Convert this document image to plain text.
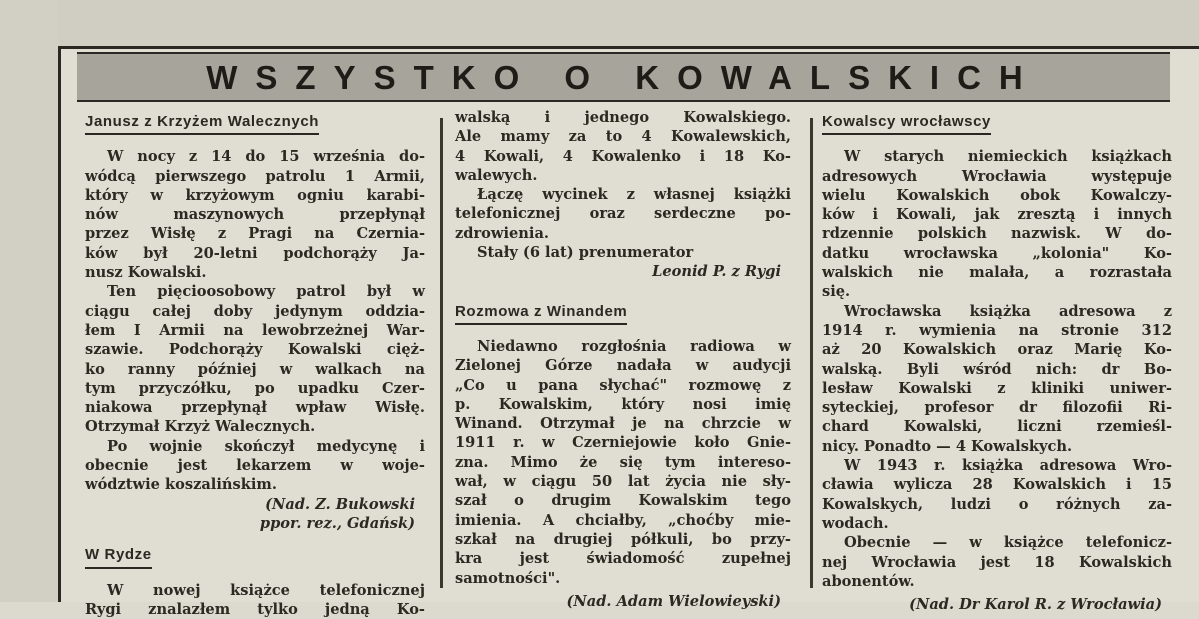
WSZYSTKO O KOWALSKICH
Janusz z Krzyżem Walecznych
W nocy z 14 do 15 września do-
wódcą pierwszego patrolu 1 Armii,
który w krzyżowym ogniu karabi-
nów maszynowych przepłynął
przez Wisłę z Pragi na Czernia-
ków był 20-letni podchorąży Ja-
nusz Kowalski.
Ten pięcioosobowy patrol był w
ciągu całej doby jedynym oddzia-
łem I Armii na lewobrzeżnej War-
szawie. Podchorąży Kowalski cięż-
ko ranny później w walkach na
tym przyczółku, po upadku Czer-
niakowa przepłynął wpław Wisłę.
Otrzymał Krzyż Walecznych.
Po wojnie skończył medycynę i
obecnie jest lekarzem w woje-
wództwie koszalińskim.
(Nad. Z. Bukowski
ppor. rez., Gdańsk)
W Rydze
W nowej książce telefonicznej
Rygi znalazłem tylko jedną Ko-
walską i jednego Kowalskiego.
Ale mamy za to 4 Kowalewskich,
4 Kowali, 4 Kowalenko i 18 Ko-
walewych.
Łączę wycinek z własnej książki
telefonicznej oraz serdeczne po-
zdrowienia.
Stały (6 lat) prenumerator
Leonid P. z Rygi
Rozmowa z Winandem
Niedawno rozgłośnia radiowa w
Zielonej Górze nadała w audycji
„Co u pana słychać" rozmowę z
p. Kowalskim, który nosi imię
Winand. Otrzymał je na chrzcie w
1911 r. w Czerniejowie koło Gnie-
zna. Mimo że się tym interesо-
wał, w ciągu 50 lat życia nie sły-
szał o drugim Kowalskim tego
imienia. A chciałby, „choćby mie-
szkał na drugiej półkuli, bo przy-
kra jest świadomość zupełnej
samotności".
(Nad. Adam Wielowieyski)
Kowalscy wrocławscy
W starych niemieckich książkach
adresowych Wrocławia występuje
wielu Kowalskich obok Kowalczy-
ków i Kowali, jak zresztą i innych
rdzennie polskich nazwisk. W do-
datku wrocławska „kolonia" Ko-
walskich nie malała, a rozrastała
się.
Wrocławska książka adresowa z
1914 r. wymienia na stronie 312
aż 20 Kowalskich oraz Marię Ko-
walską. Byli wśród nich: dr Bo-
lesław Kowalski z kliniki uniwer-
syteckiej, profesor dr filozofii Ri-
chard Kowalski, liczni rzemieśl-
nicy. Ponadto — 4 Kowalskych.
W 1943 r. książka adresowa Wro-
cławia wylicza 28 Kowalskich i 15
Kowalskych, ludzi o różnych za-
wodach.
Obecnie — w książce telefonicz-
nej Wrocławia jest 18 Kowalskich
abonentów.
(Nad. Dr Karol R. z Wrocławia)
